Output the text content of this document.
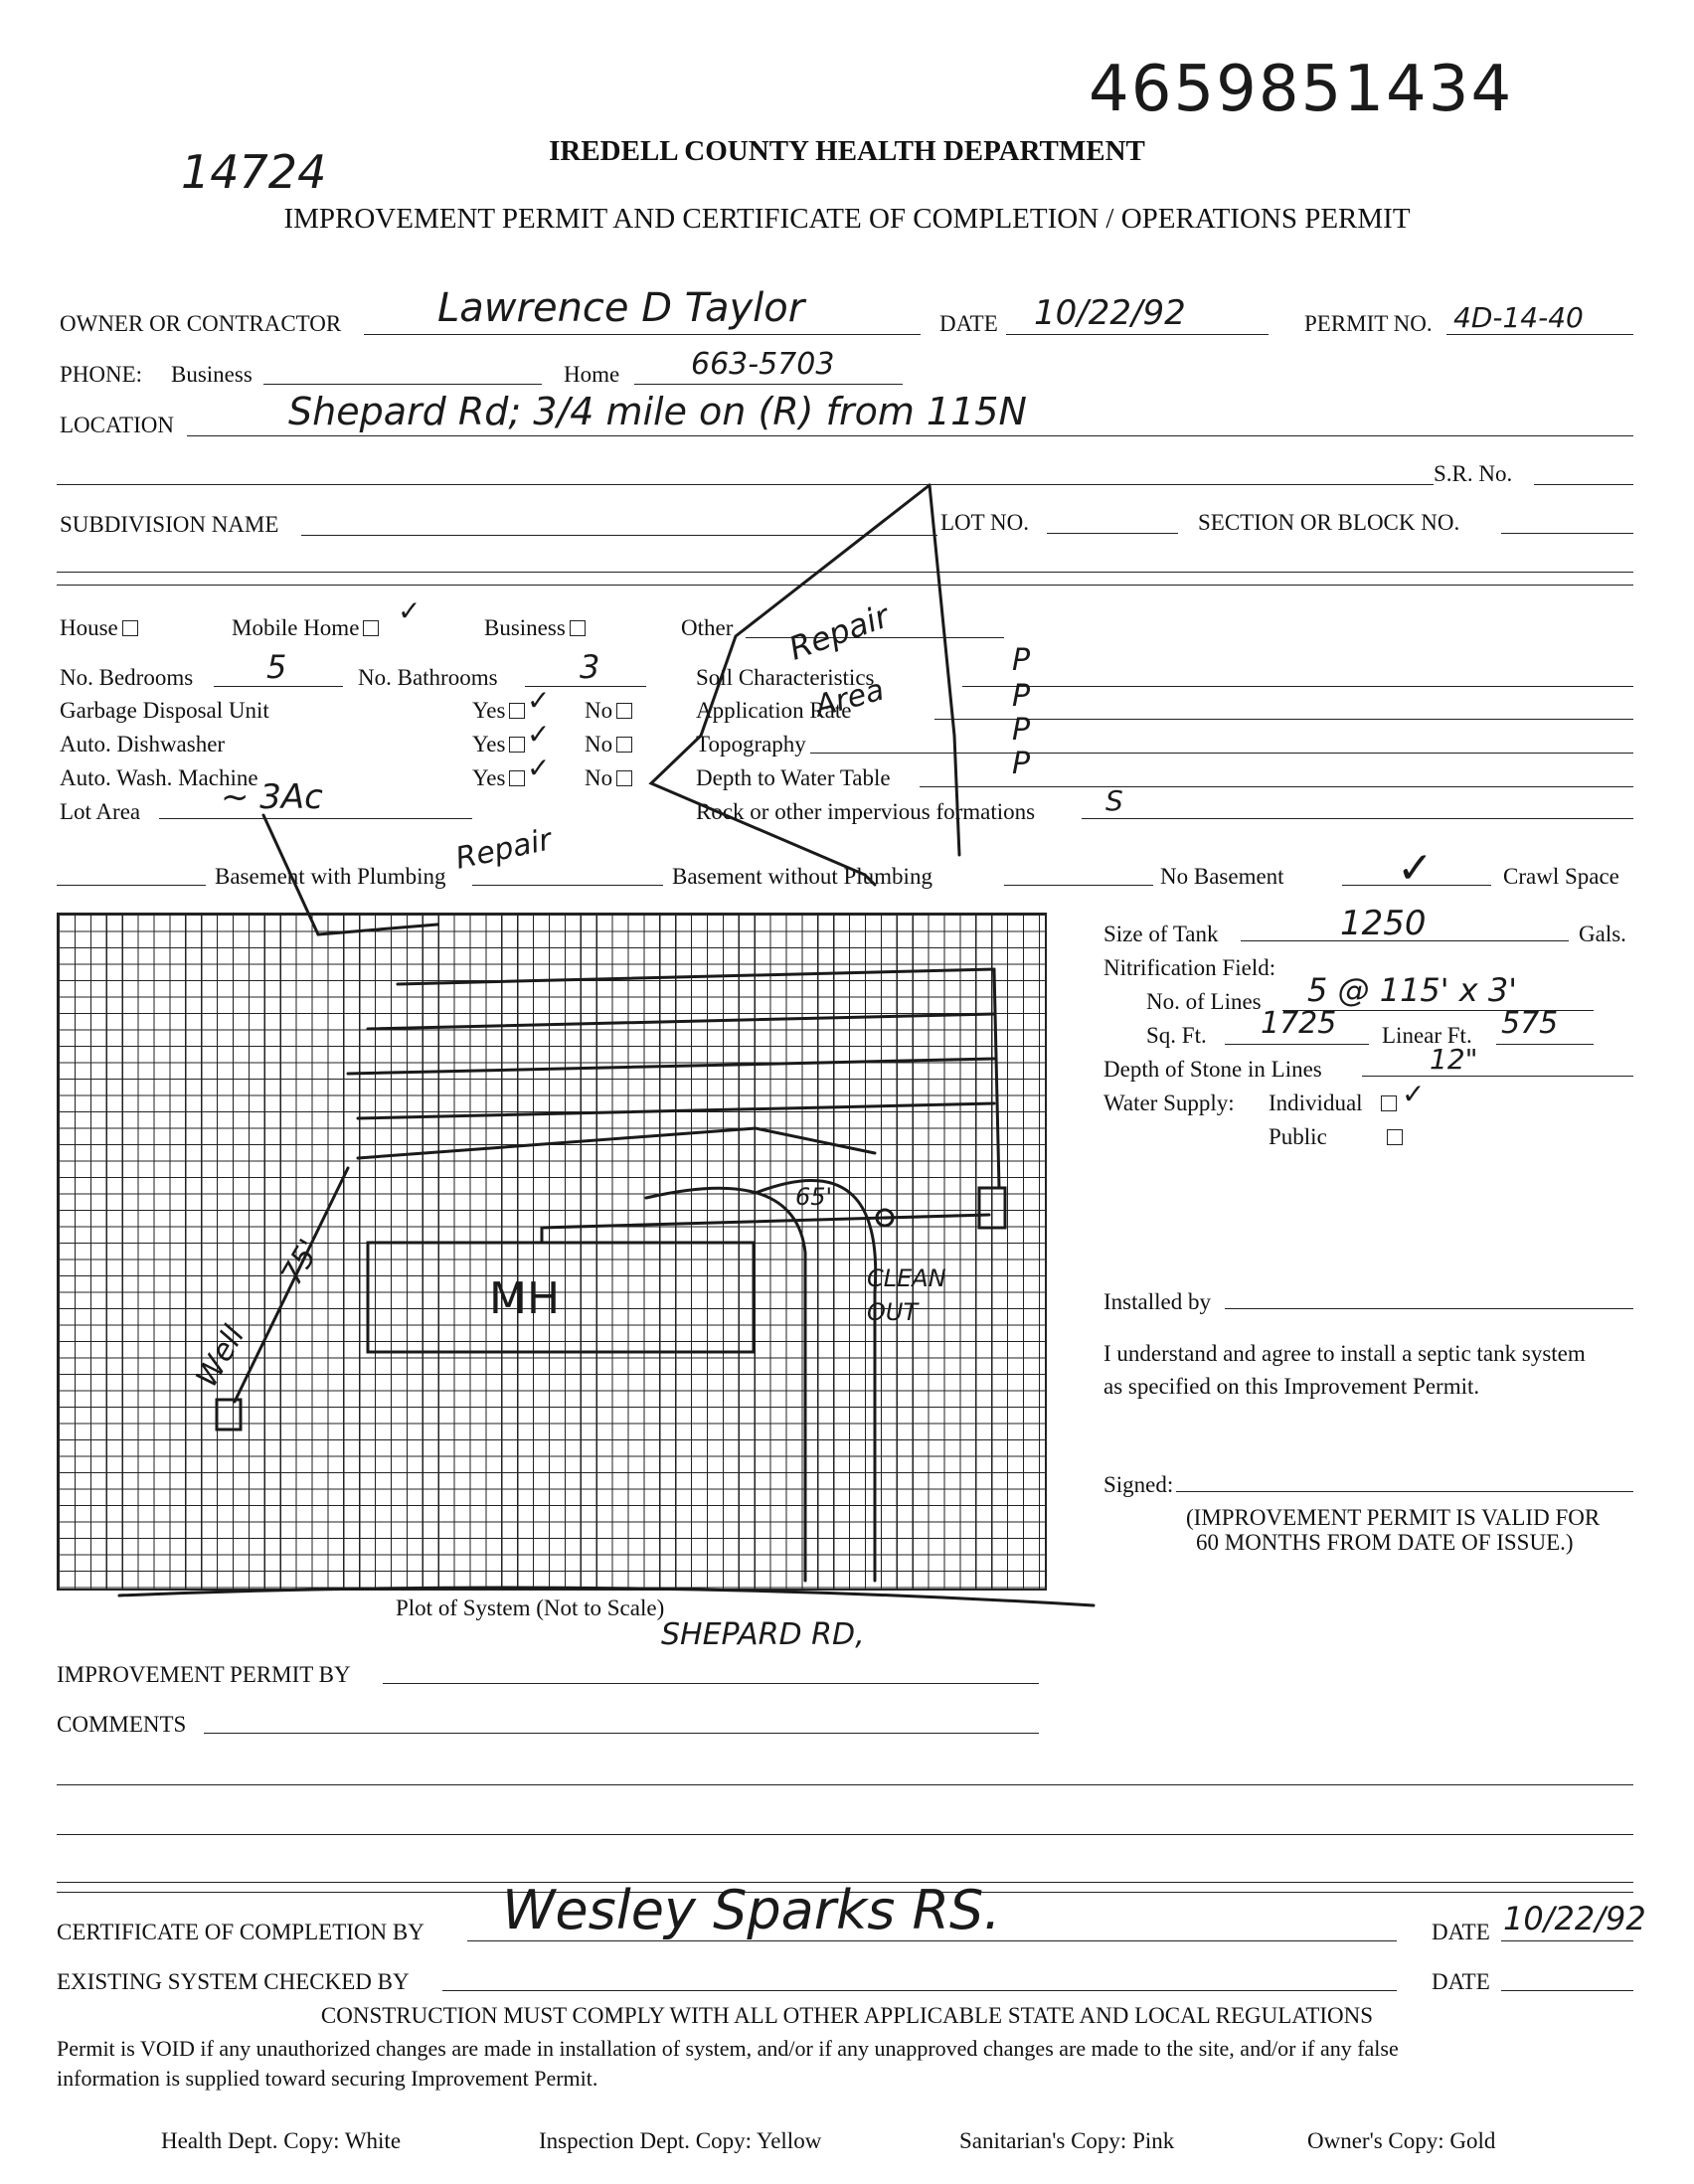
4659851434
IREDELL COUNTY HEALTH DEPARTMENT
14724
IMPROVEMENT PERMIT AND CERTIFICATE OF COMPLETION / OPERATIONS PERMIT
OWNER OR CONTRACTOR Lawrence D Taylor	DATE 10/22/92	PERMIT NO. 4D-14-40
PHONE: Business	Home 663-5703
LOCATION	Shepard Rd; 3/4 mile on (R) from 115N
S.R. No.
SUBDIVISION NAME	LOT NO.	SECTION OR BLOCK NO.
House	Mobile Home
✓
Business	Other Repair
No. Bedrooms 5	No. Bathrooms	3
Garbage Disposal Unit	Yes ✓ No
Auto. Dishwasher	Yes ✓ No
Auto. Wash. Machine	Yes ✓ No
Lot Area ~ 3Ac
Soil Characteristics	P
Application Rate	P
Area
Topography	P
Depth to Water Table	P
Rock or other impervious formations	S
Basement with Plumbing Repair	Basement without Plumbing	No Basement	✓	Crawl Space
MH
Well
75'
65'
CLEAN OUT
Plot of System (Not to Scale)
SHEPARD RD,
Size of Tank	1250	Gals.
Nitrification Field:
No. of Lines 5 @ 115' x 3'
Sq. Ft. 1725 Linear Ft. 575
Depth of Stone in Lines	12"
Water Supply: Individual	✓
Public
Installed by
I understand and agree to install a septic tank system
as specified on this Improvement Permit.
Signed:
(IMPROVEMENT PERMIT IS VALID FOR
60 MONTHS FROM DATE OF ISSUE.)
IMPROVEMENT PERMIT BY
COMMENTS
CERTIFICATE OF COMPLETION BY Wesley Sparks RS.	DATE 10/22/92
EXISTING SYSTEM CHECKED BY	DATE
CONSTRUCTION MUST COMPLY WITH ALL OTHER APPLICABLE STATE AND LOCAL REGULATIONS
Permit is VOID if any unauthorized changes are made in installation of system, and/or if any unapproved changes are made to the site, and/or if any false
information is supplied toward securing Improvement Permit.
Health Dept. Copy: White	Inspection Dept. Copy: Yellow	Sanitarian's Copy: Pink	Owner's Copy: Gold
